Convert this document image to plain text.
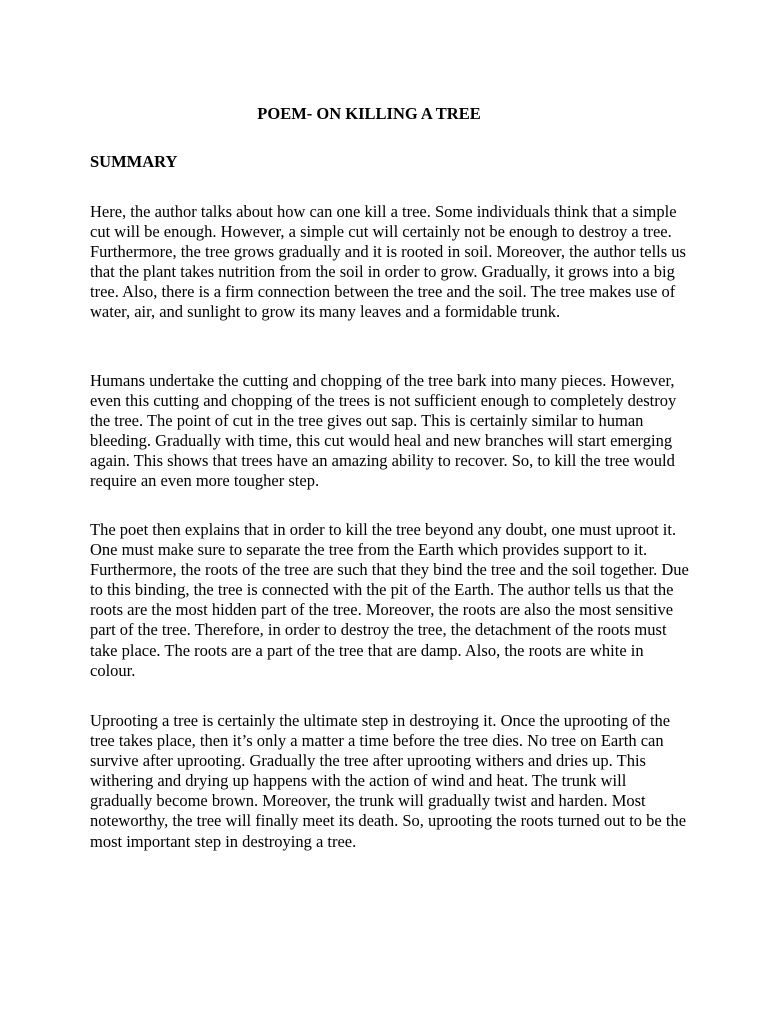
POEM- ON KILLING A TREE
SUMMARY

Here, the author talks about how can one kill a tree. Some individuals think that a simple cut will be enough. However, a simple cut will certainly not be enough to destroy a tree. Furthermore, the tree grows gradually and it is rooted in soil. Moreover, the author tells us that the plant takes nutrition from the soil in order to grow. Gradually, it grows into a big tree. Also, there is a firm connection between the tree and the soil. The tree makes use of water, air, and sunlight to grow its many leaves and a formidable trunk.

Humans undertake the cutting and chopping of the tree bark into many pieces. However, even this cutting and chopping of the trees is not sufficient enough to completely destroy the tree. The point of cut in the tree gives out sap. This is certainly similar to human bleeding. Gradually with time, this cut would heal and new branches will start emerging again. This shows that trees have an amazing ability to recover. So, to kill the tree would require an even more tougher step.

The poet then explains that in order to kill the tree beyond any doubt, one must uproot it. One must make sure to separate the tree from the Earth which provides support to it. Furthermore, the roots of the tree are such that they bind the tree and the soil together. Due to this binding, the tree is connected with the pit of the Earth. The author tells us that the roots are the most hidden part of the tree. Moreover, the roots are also the most sensitive part of the tree. Therefore, in order to destroy the tree, the detachment of the roots must take place. The roots are a part of the tree that are damp. Also, the roots are white in colour.

Uprooting a tree is certainly the ultimate step in destroying it. Once the uprooting of the tree takes place, then it’s only a matter a time before the tree dies. No tree on Earth can survive after uprooting. Gradually the tree after uprooting withers and dries up. This withering and drying up happens with the action of wind and heat. The trunk will gradually become brown. Moreover, the trunk will gradually twist and harden. Most noteworthy, the tree will finally meet its death. So, uprooting the roots turned out to be the most important step in destroying a tree.
